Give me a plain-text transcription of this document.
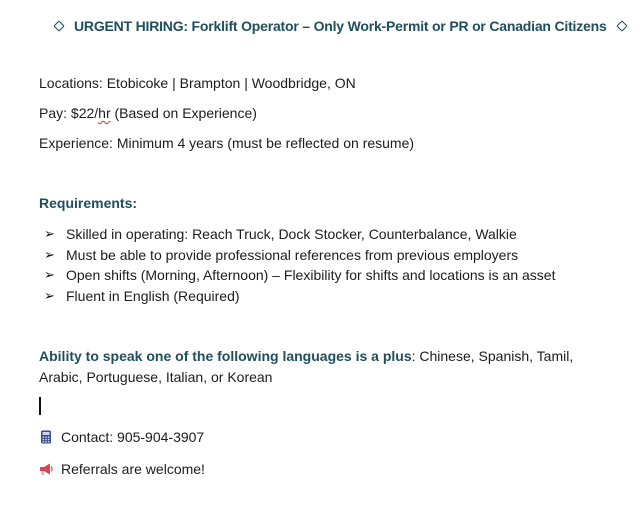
URGENT HIRING: Forklift Operator – Only Work-Permit or PR or Canadian Citizens
Locations: Etobicoke | Brampton | Woodbridge, ON
Pay: $22/hr (Based on Experience)
Experience: Minimum 4 years (must be reflected on resume)
Requirements:
➢ Skilled in operating: Reach Truck, Dock Stocker, Counterbalance, Walkie
➢ Must be able to provide professional references from previous employers
➢ Open shifts (Morning, Afternoon) – Flexibility for shifts and locations is an asset
➢ Fluent in English (Required)
Ability to speak one of the following languages is a plus: Chinese, Spanish, Tamil, Arabic, Portuguese, Italian, or Korean
Contact: 905-904-3907
Referrals are welcome!
